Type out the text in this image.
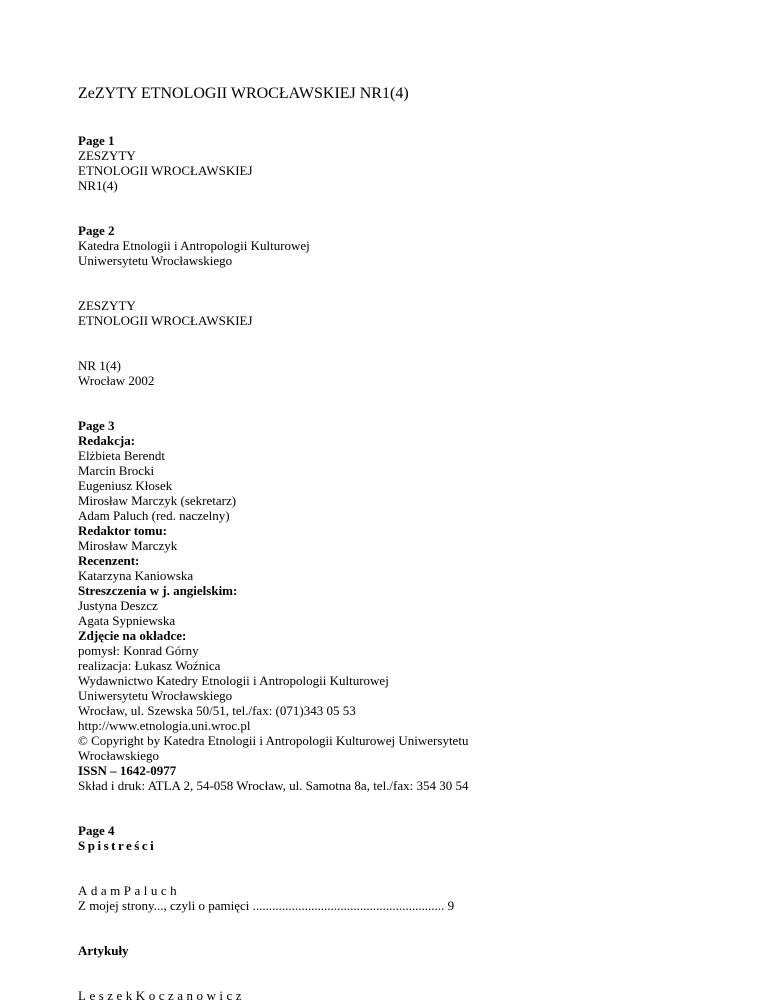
ZeZYTY ETNOLOGII WROCŁAWSKIEJ NR1(4)
Page 1
ZESZYTY
ETNOLOGII WROCŁAWSKIEJ
NR1(4)
Page 2
Katedra Etnologii i Antropologii Kulturowej
Uniwersytetu Wrocławskiego
ZESZYTY
ETNOLOGII WROCŁAWSKIEJ
NR 1(4)
Wrocław 2002
Page 3
Redakcja:
Elżbieta Berendt
Marcin Brocki
Eugeniusz Kłosek
Mirosław Marczyk (sekretarz)
Adam Paluch (red. naczelny)
Redaktor tomu:
Mirosław Marczyk
Recenzent:
Katarzyna Kaniowska
Streszczenia w j. angielskim:
Justyna Deszcz
Agata Sypniewska
Zdjęcie na okładce:
pomysł: Konrad Górny
realizacja: Łukasz Woźnica
Wydawnictwo Katedry Etnologii i Antropologii Kulturowej
Uniwersytetu Wrocławskiego
Wrocław, ul. Szewska 50/51, tel./fax: (071)343 05 53
http://www.etnologia.uni.wroc.pl
© Copyright by Katedra Etnologii i Antropologii Kulturowej Uniwersytetu
Wrocławskiego
ISSN – 1642-0977
Skład i druk: ATLA 2, 54-058 Wrocław, ul. Samotna 8a, tel./fax: 354 30 54
Page 4
Spistreści
AdamPaluch
Z mojej strony..., czyli o pamięci ........................................................... 9
Artykuły
LeszekKoczanowicz
